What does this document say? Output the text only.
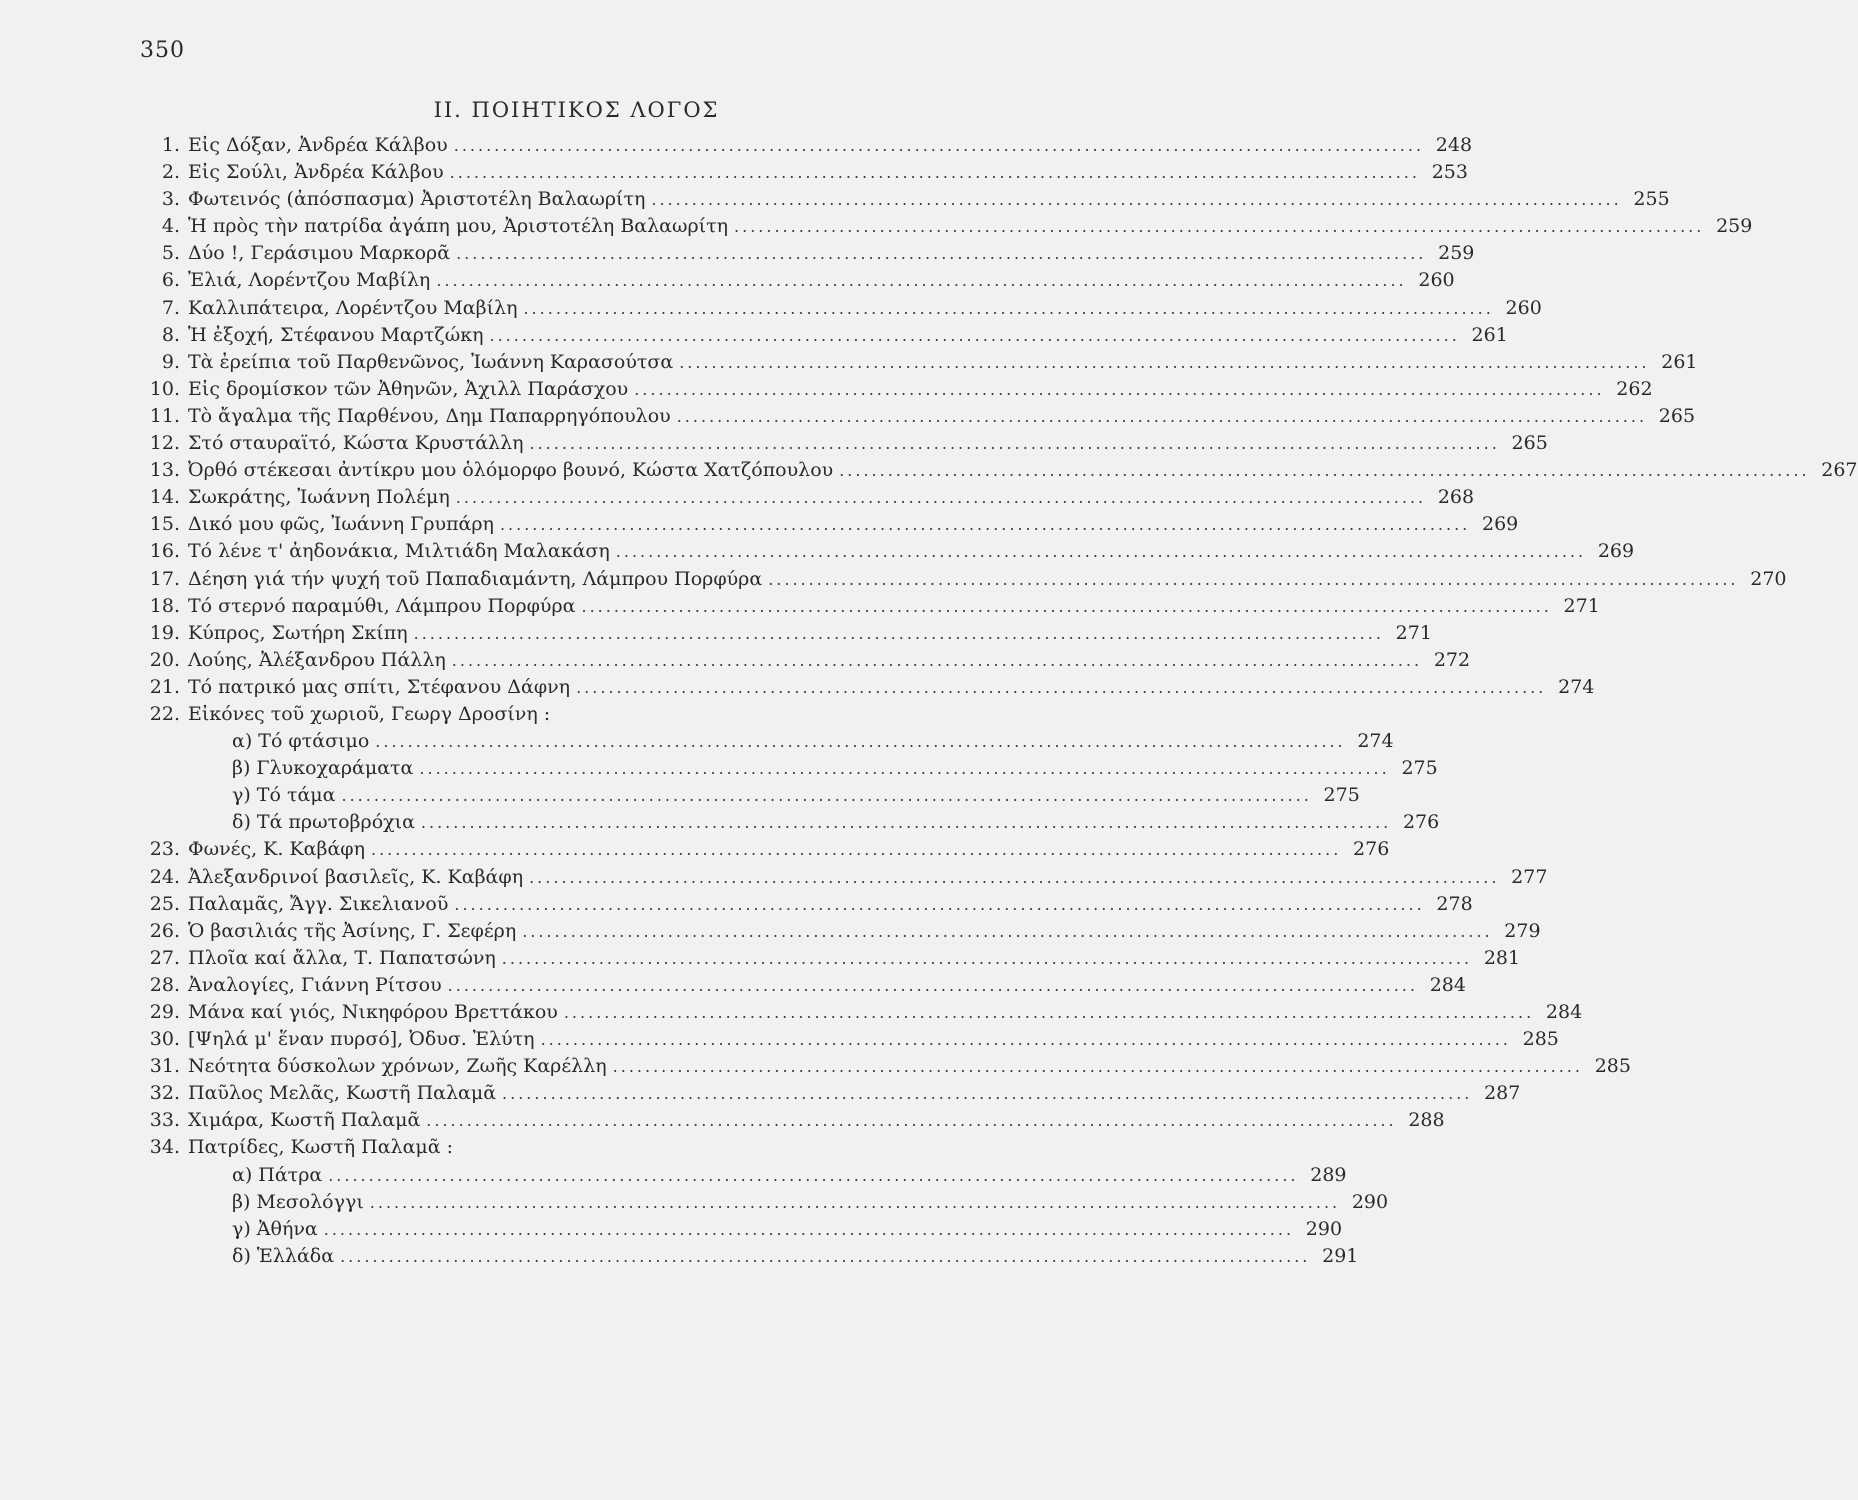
350
ΙΙ. ΠΟΙΗΤΙΚΟΣ ΛΟΓΟΣ
1. Εἰς Δόξαν, Ἀνδρέα Κάλβου ........................................................................................................................ 248
2. Εἰς Σούλι, Ἀνδρέα Κάλβου ........................................................................................................................ 253
3. Φωτεινός (ἀπόσπασμα) Ἀριστοτέλη Βαλαωρίτη ........................................................................................................................ 255
4. Ἡ πρὸς τὴν πατρίδα ἀγάπη μου, Ἀριστοτέλη Βαλαωρίτη ........................................................................................................................ 259
5. Δύο !, Γεράσιμου Μαρκορᾶ ........................................................................................................................ 259
6. Ἐλιά, Λορέντζου Μαβίλη ........................................................................................................................ 260
7. Καλλιπάτειρα, Λορέντζου Μαβίλη ........................................................................................................................ 260
8. Ἡ ἐξοχή, Στέφανου Μαρτζώκη ........................................................................................................................ 261
9. Τὰ ἐρείπια τοῦ Παρθενῶνος, Ἰωάννη Καρασούτσα ........................................................................................................................ 261
10. Εἰς δρομίσκον τῶν Ἀθηνῶν, Ἀχιλλ Παράσχου ........................................................................................................................ 262
11. Τὸ ἄγαλμα τῆς Παρθένου, Δημ Παπαρρηγόπουλου ........................................................................................................................ 265
12. Στό σταυραϊτό, Κώστα Κρυστάλλη ........................................................................................................................ 265
13. Ὀρθό στέκεσαι ἀντίκρυ μου ὁλόμορφο βουνό, Κώστα Χατζόπουλου ........................................................................................................................ 267
14. Σωκράτης, Ἰωάννη Πολέμη ........................................................................................................................ 268
15. Δικό μου φῶς, Ἰωάννη Γρυπάρη ........................................................................................................................ 269
16. Τό λένε τ' ἀηδονάκια, Μιλτιάδη Μαλακάση ........................................................................................................................ 269
17. Δέηση γιά τήν ψυχή τοῦ Παπαδιαμάντη, Λάμπρου Πορφύρα ........................................................................................................................ 270
18. Τό στερνό παραμύθι, Λάμπρου Πορφύρα ........................................................................................................................ 271
19. Κύπρος, Σωτήρη Σκίπη ........................................................................................................................ 271
20. Λούης, Ἀλέξανδρου Πάλλη ........................................................................................................................ 272
21. Τό πατρικό μας σπίτι, Στέφανου Δάφνη ........................................................................................................................ 274
22. Εἰκόνες τοῦ χωριοῦ, Γεωργ Δροσίνη :
α) Τό φτάσιμο ........................................................................................................................ 274
β) Γλυκοχαράματα ........................................................................................................................ 275
γ) Τό τάμα ........................................................................................................................ 275
δ) Τά πρωτοβρόχια ........................................................................................................................ 276
23. Φωνές, Κ. Καβάφη ........................................................................................................................ 276
24. Ἀλεξανδρινοί βασιλεῖς, Κ. Καβάφη ........................................................................................................................ 277
25. Παλαμᾶς, Ἄγγ. Σικελιανοῦ ........................................................................................................................ 278
26. Ὁ βασιλιάς τῆς Ἀσίνης, Γ. Σεφέρη ........................................................................................................................ 279
27. Πλοῖα καί ἄλλα, Τ. Παπατσώνη ........................................................................................................................ 281
28. Ἀναλογίες, Γιάννη Ρίτσου ........................................................................................................................ 284
29. Μάνα καί γιός, Νικηφόρου Βρεττάκου ........................................................................................................................ 284
30. [Ψηλά μ' ἕναν πυρσό], Ὀδυσ. Ἐλύτη ........................................................................................................................ 285
31. Νεότητα δύσκολων χρόνων, Ζωῆς Καρέλλη ........................................................................................................................ 285
32. Παῦλος Μελᾶς, Κωστῆ Παλαμᾶ ........................................................................................................................ 287
33. Χιμάρα, Κωστῆ Παλαμᾶ ........................................................................................................................ 288
34. Πατρίδες, Κωστῆ Παλαμᾶ :
α) Πάτρα ........................................................................................................................ 289
β) Μεσολόγγι ........................................................................................................................ 290
γ) Ἀθήνα ........................................................................................................................ 290
δ) Ἑλλάδα ........................................................................................................................ 291
